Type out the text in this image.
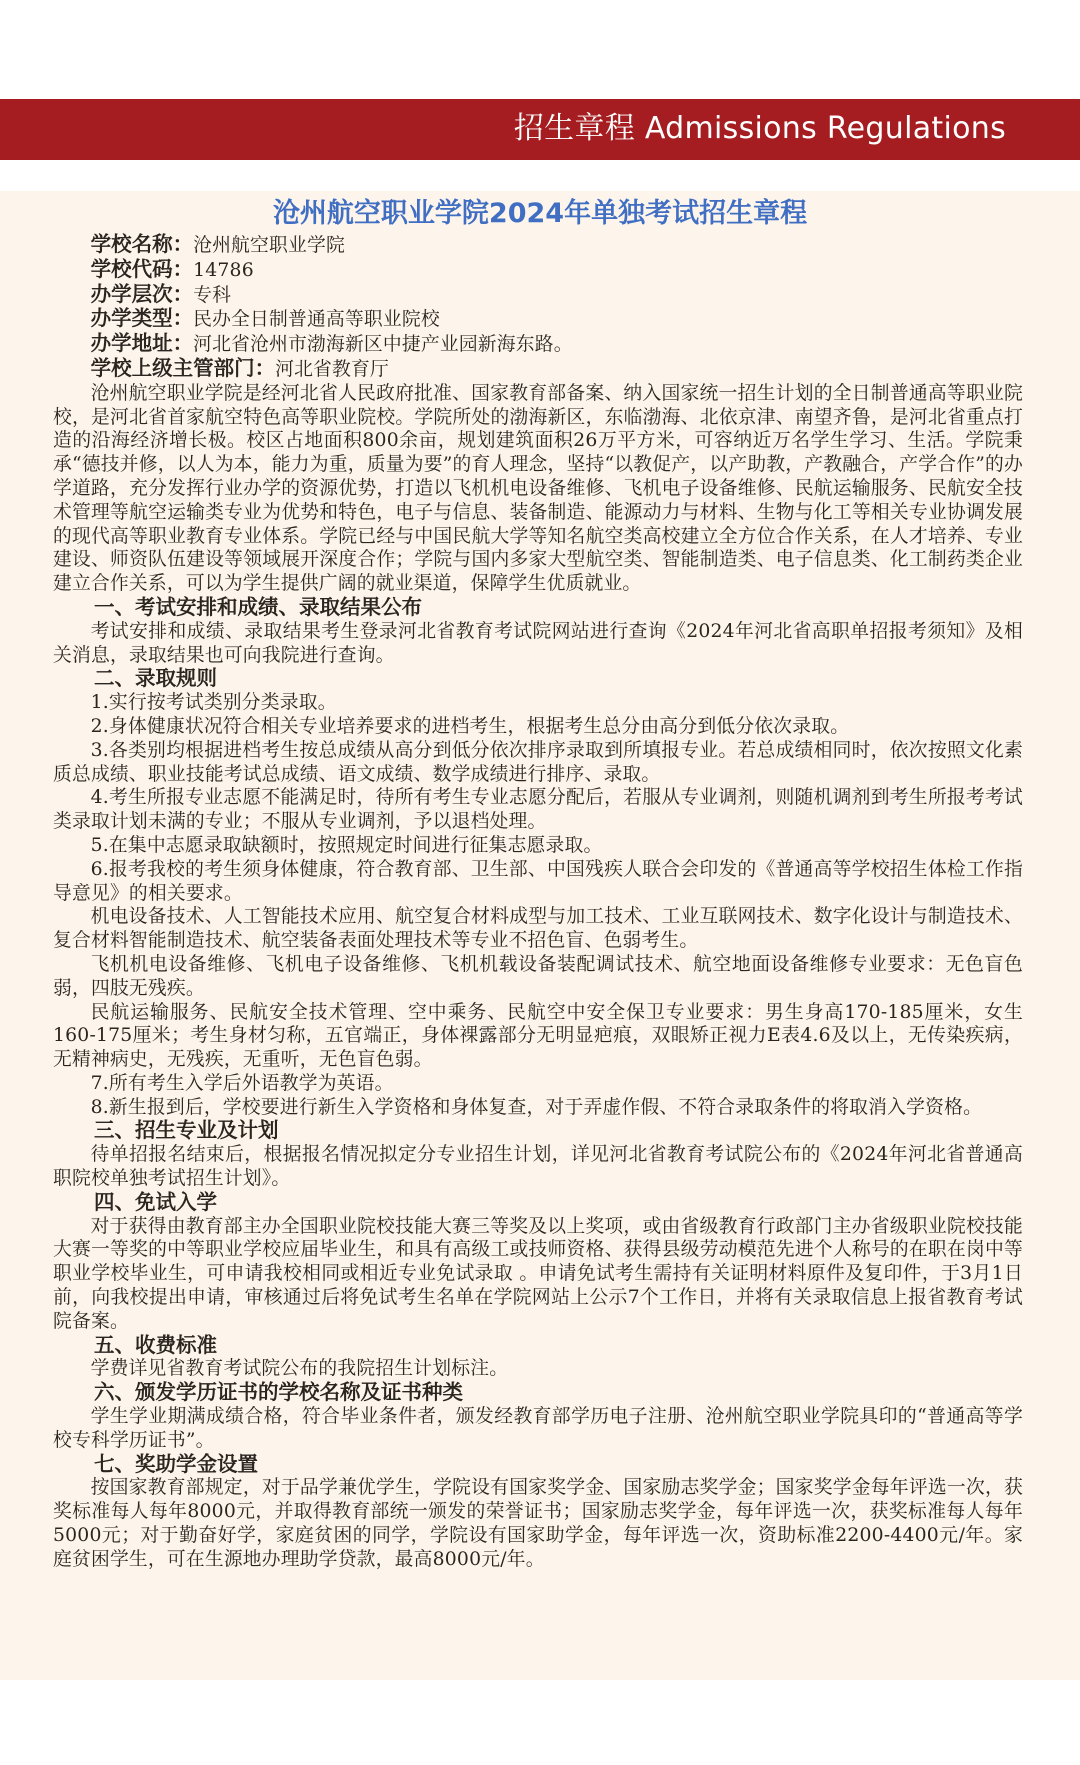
招生章程 Admissions Regulations
沧州航空职业学院2024年单独考试招生章程

学校名称：沧州航空职业学院

学校代码：14786

办学层次：专科

办学类型：民办全日制普通高等职业院校

办学地址：河北省沧州市渤海新区中捷产业园新海东路。

学校上级主管部门：河北省教育厅

沧州航空职业学院是经河北省人民政府批准、国家教育部备案、纳入国家统一招生计划的全日制普通高等职业院校，是河北省首家航空特色高等职业院校。学院所处的渤海新区，东临渤海、北依京津、南望齐鲁，是河北省重点打造的沿海经济增长极。校区占地面积800余亩，规划建筑面积26万平方米，可容纳近万名学生学习、生活。学院秉承“德技并修，以人为本，能力为重，质量为要”的育人理念，坚持“以教促产，以产助教，产教融合，产学合作”的办学道路，充分发挥行业办学的资源优势，打造以飞机机电设备维修、飞机电子设备维修、民航运输服务、民航安全技术管理等航空运输类专业为优势和特色，电子与信息、装备制造、能源动力与材料、生物与化工等相关专业协调发展的现代高等职业教育专业体系。学院已经与中国民航大学等知名航空类高校建立全方位合作关系，在人才培养、专业建设、师资队伍建设等领域展开深度合作；学院与国内多家大型航空类、智能制造类、电子信息类、化工制药类企业建立合作关系，可以为学生提供广阔的就业渠道，保障学生优质就业。

一、考试安排和成绩、录取结果公布

考试安排和成绩、录取结果考生登录河北省教育考试院网站进行查询《2024年河北省高职单招报考须知》及相关消息，录取结果也可向我院进行查询。

二、录取规则

1.实行按考试类别分类录取。

2.身体健康状况符合相关专业培养要求的进档考生，根据考生总分由高分到低分依次录取。

3.各类别均根据进档考生按总成绩从高分到低分依次排序录取到所填报专业。若总成绩相同时，依次按照文化素质总成绩、职业技能考试总成绩、语文成绩、数学成绩进行排序、录取。

4.考生所报专业志愿不能满足时，待所有考生专业志愿分配后，若服从专业调剂，则随机调剂到考生所报考考试类录取计划未满的专业；不服从专业调剂，予以退档处理。

5.在集中志愿录取缺额时，按照规定时间进行征集志愿录取。

6.报考我校的考生须身体健康，符合教育部、卫生部、中国残疾人联合会印发的《普通高等学校招生体检工作指导意见》的相关要求。

机电设备技术、人工智能技术应用、航空复合材料成型与加工技术、工业互联网技术、数字化设计与制造技术、复合材料智能制造技术、航空装备表面处理技术等专业不招色盲、色弱考生。

飞机机电设备维修、飞机电子设备维修、飞机机载设备装配调试技术、航空地面设备维修专业要求：无色盲色弱，四肢无残疾。

民航运输服务、民航安全技术管理、空中乘务、民航空中安全保卫专业要求：男生身高170-185厘米，女生160-175厘米；考生身材匀称，五官端正，身体裸露部分无明显疤痕，双眼矫正视力E表4.6及以上，无传染疾病，无精神病史，无残疾，无重听，无色盲色弱。

7.所有考生入学后外语教学为英语。

8.新生报到后，学校要进行新生入学资格和身体复查，对于弄虚作假、不符合录取条件的将取消入学资格。

三、招生专业及计划

待单招报名结束后，根据报名情况拟定分专业招生计划，详见河北省教育考试院公布的《2024年河北省普通高职院校单独考试招生计划》。

四、免试入学

对于获得由教育部主办全国职业院校技能大赛三等奖及以上奖项，或由省级教育行政部门主办省级职业院校技能大赛一等奖的中等职业学校应届毕业生，和具有高级工或技师资格、获得县级劳动模范先进个人称号的在职在岗中等职业学校毕业生，可申请我校相同或相近专业免试录取 。申请免试考生需持有关证明材料原件及复印件，于3月1日前，向我校提出申请，审核通过后将免试考生名单在学院网站上公示7个工作日，并将有关录取信息上报省教育考试院备案。

五、收费标准

学费详见省教育考试院公布的我院招生计划标注。

六、颁发学历证书的学校名称及证书种类

学生学业期满成绩合格，符合毕业条件者，颁发经教育部学历电子注册、沧州航空职业学院具印的“普通高等学校专科学历证书”。

七、奖助学金设置

按国家教育部规定，对于品学兼优学生，学院设有国家奖学金、国家励志奖学金；国家奖学金每年评选一次，获奖标准每人每年8000元，并取得教育部统一颁发的荣誉证书；国家励志奖学金，每年评选一次，获奖标准每人每年5000元；对于勤奋好学，家庭贫困的同学，学院设有国家助学金，每年评选一次，资助标准2200-4400元/年。家庭贫困学生，可在生源地办理助学贷款，最高8000元/年。
